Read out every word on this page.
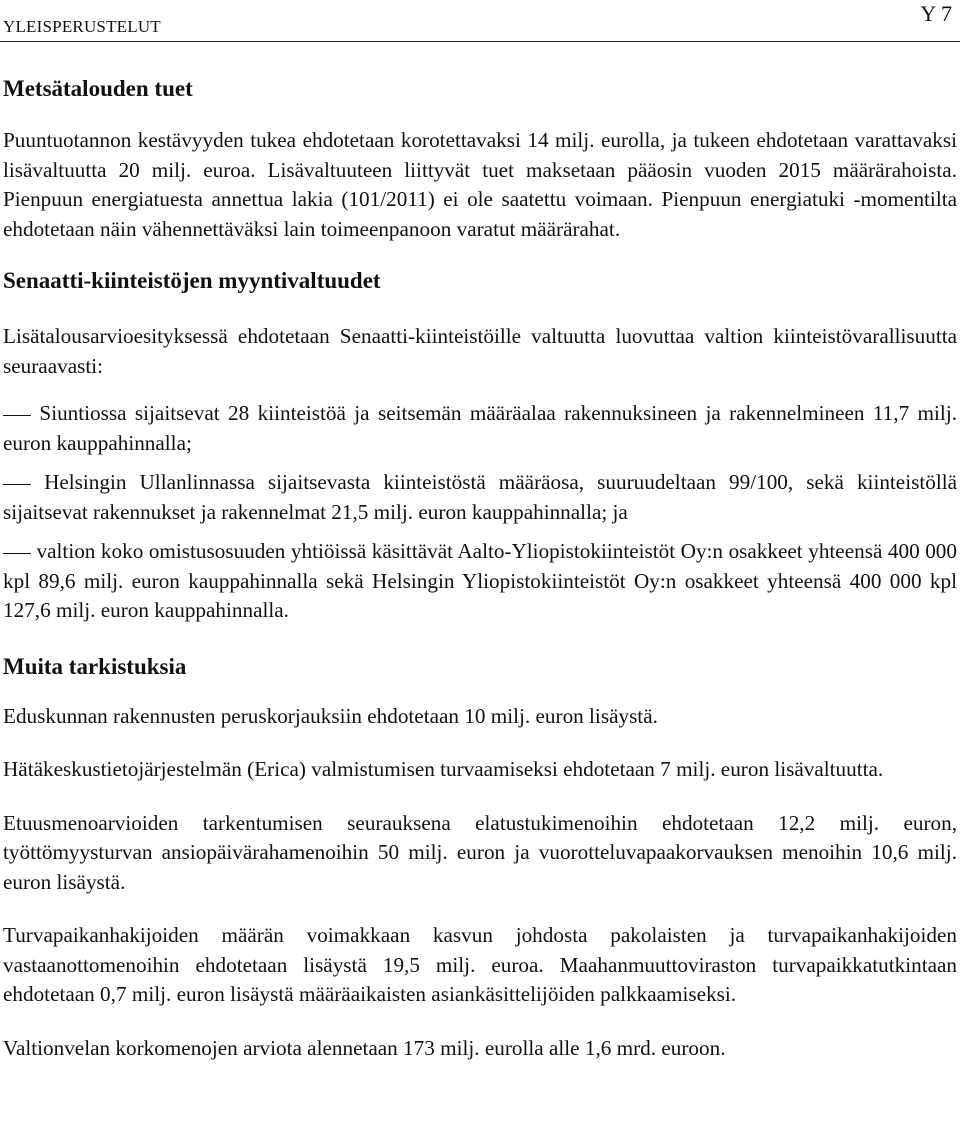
YLEISPERUSTELUT
Y 7
Metsätalouden tuet

Puuntuotannon kestävyyden tukea ehdotetaan korotettavaksi 14 milj. eurolla, ja tukeen ehdotetaan varattavaksi lisävaltuutta 20 milj. euroa. Lisävaltuuteen liittyvät tuet maksetaan pääosin vuoden 2015 määrärahoista. Pienpuun energiatuesta annettua lakia (101/2011) ei ole saatettu voimaan. Pienpuun energiatuki -momentilta ehdotetaan näin vähennettäväksi lain toimeenpanoon varatut määrärahat.

Senaatti-kiinteistöjen myyntivaltuudet

Lisätalousarvioesityksessä ehdotetaan Senaatti-kiinteistöille valtuutta luovuttaa valtion kiinteistövarallisuutta seuraavasti:

Siuntiossa sijaitsevat 28 kiinteistöä ja seitsemän määräalaa rakennuksineen ja rakennelmineen 11,7 milj. euron kauppahinnalla;

Helsingin Ullanlinnassa sijaitsevasta kiinteistöstä määräosa, suuruudeltaan 99/100, sekä kiinteistöllä sijaitsevat rakennukset ja rakennelmat 21,5 milj. euron kauppahinnalla; ja

valtion koko omistusosuuden yhtiöissä käsittävät Aalto-Yliopistokiinteistöt Oy:n osakkeet yhteensä 400 000 kpl 89,6 milj. euron kauppahinnalla sekä Helsingin Yliopistokiinteistöt Oy:n osakkeet yhteensä 400 000 kpl 127,6 milj. euron kauppahinnalla.

Muita tarkistuksia

Eduskunnan rakennusten peruskorjauksiin ehdotetaan 10 milj. euron lisäystä.

Hätäkeskustietojärjestelmän (Erica) valmistumisen turvaamiseksi ehdotetaan 7 milj. euron lisävaltuutta.

Etuusmenoarvioiden tarkentumisen seurauksena elatustukimenoihin ehdotetaan 12,2 milj. euron, työttömyysturvan ansiopäivärahamenoihin 50 milj. euron ja vuorotteluvapaakorvauksen menoihin 10,6 milj. euron lisäystä.

Turvapaikanhakijoiden määrän voimakkaan kasvun johdosta pakolaisten ja turvapaikanhakijoiden vastaanottomenoihin ehdotetaan lisäystä 19,5 milj. euroa. Maahanmuuttoviraston turvapaikkatutkintaan ehdotetaan 0,7 milj. euron lisäystä määräaikaisten asiankäsittelijöiden palkkaamiseksi.

Valtionvelan korkomenojen arviota alennetaan 173 milj. eurolla alle 1,6 mrd. euroon.
